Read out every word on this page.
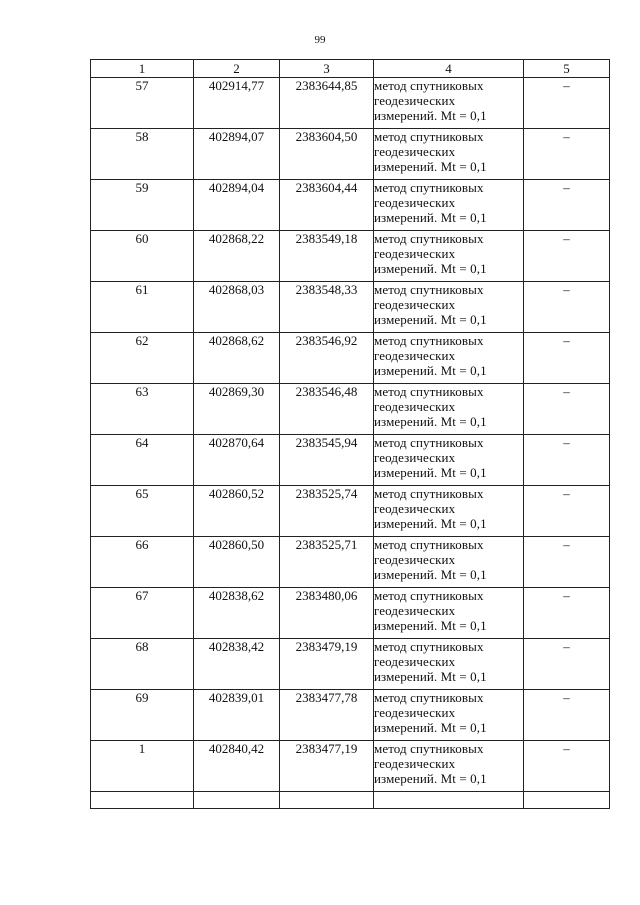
99
1	2	3	4	5
57	402914,77	2383644,85	метод спутниковых
геодезических
измерений. Mt = 0,1	–
58	402894,07	2383604,50	метод спутниковых
геодезических
измерений. Mt = 0,1	–
59	402894,04	2383604,44	метод спутниковых
геодезических
измерений. Mt = 0,1	–
60	402868,22	2383549,18	метод спутниковых
геодезических
измерений. Mt = 0,1	–
61	402868,03	2383548,33	метод спутниковых
геодезических
измерений. Mt = 0,1	–
62	402868,62	2383546,92	метод спутниковых
геодезических
измерений. Mt = 0,1	–
63	402869,30	2383546,48	метод спутниковых
геодезических
измерений. Mt = 0,1	–
64	402870,64	2383545,94	метод спутниковых
геодезических
измерений. Mt = 0,1	–
65	402860,52	2383525,74	метод спутниковых
геодезических
измерений. Mt = 0,1	–
66	402860,50	2383525,71	метод спутниковых
геодезических
измерений. Mt = 0,1	–
67	402838,62	2383480,06	метод спутниковых
геодезических
измерений. Mt = 0,1	–
68	402838,42	2383479,19	метод спутниковых
геодезических
измерений. Mt = 0,1	–
69	402839,01	2383477,78	метод спутниковых
геодезических
измерений. Mt = 0,1	–
1	402840,42	2383477,19	метод спутниковых
геодезических
измерений. Mt = 0,1	–
